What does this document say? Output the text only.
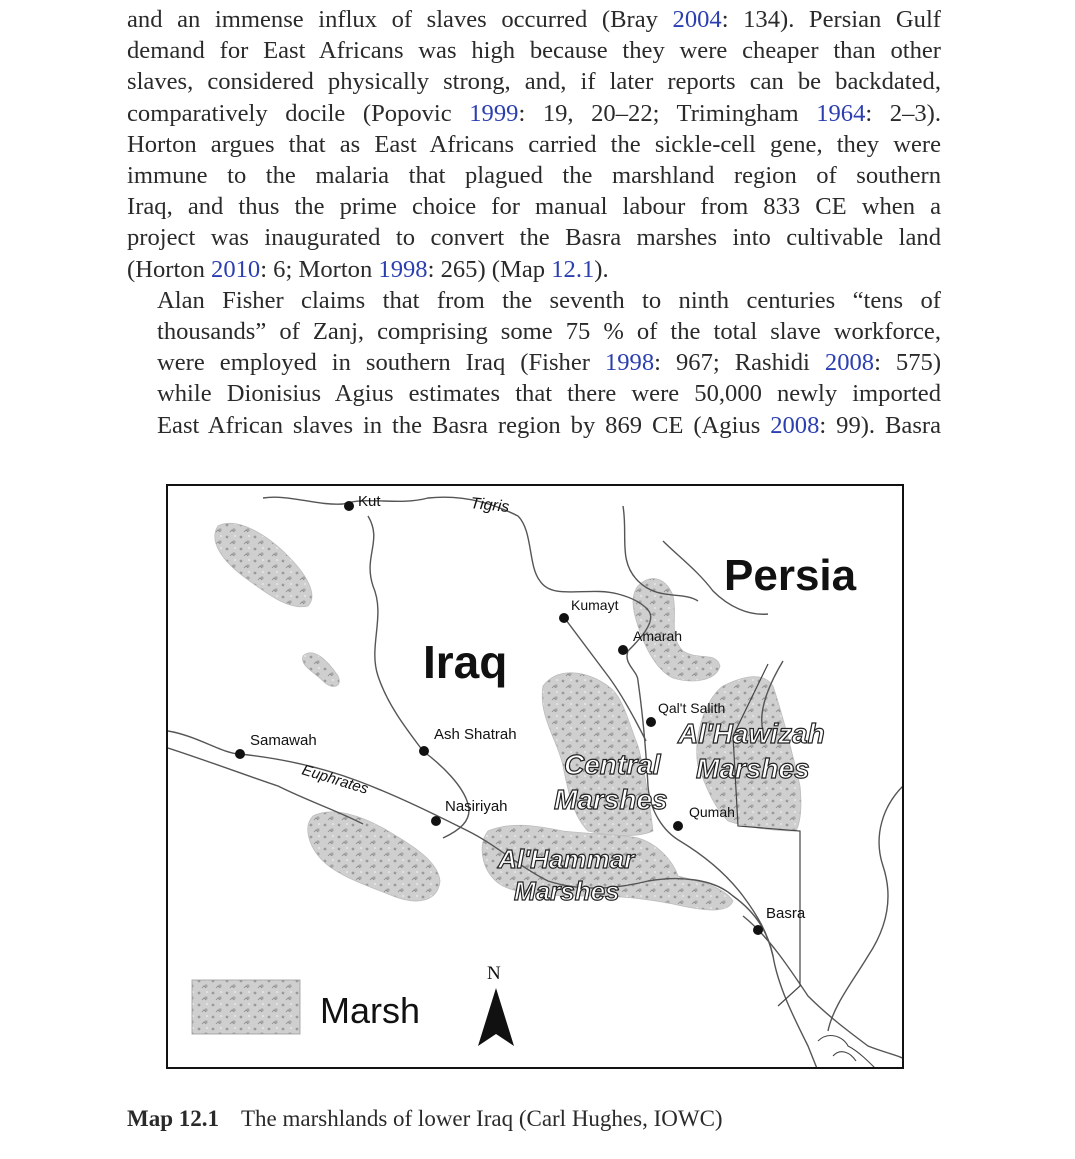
and an immense influx of slaves occurred (Bray 2004: 134). Persian Gulf
demand for East Africans was high because they were cheaper than other
slaves, considered physically strong, and, if later reports can be backdated,
comparatively docile (Popovic 1999: 19, 20–22; Trimingham 1964: 2–3).
Horton argues that as East Africans carried the sickle-cell gene, they were
immune to the malaria that plagued the marshland region of southern
Iraq, and thus the prime choice for manual labour from 833 CE when a
project was inaugurated to convert the Basra marshes into cultivable land
(Horton 2010: 6; Morton 1998: 265) (Map 12.1).

Alan Fisher claims that from the seventh to ninth centuries “tens of
thousands” of Zanj, comprising some 75 % of the total slave workforce,
were employed in southern Iraq (Fisher 1998: 967; Rashidi 2008: 575)
while Dionisius Agius estimates that there were 50,000 newly imported
East African slaves in the Basra region by 869 CE (Agius 2008: 99). Basra

Kut	Tigris
Persia
Kumayt
Amarah
Iraq
Qal't Salith
Al'Hawizah
Marshes
Samawah	Ash Shatrah
Central
Marshes
Euphrates
Nasiriyah	Qumah
Al'Hammar
Marshes
Basra
Marsh
N
Map 12.1 The marshlands of lower Iraq (Carl Hughes, IOWC)
